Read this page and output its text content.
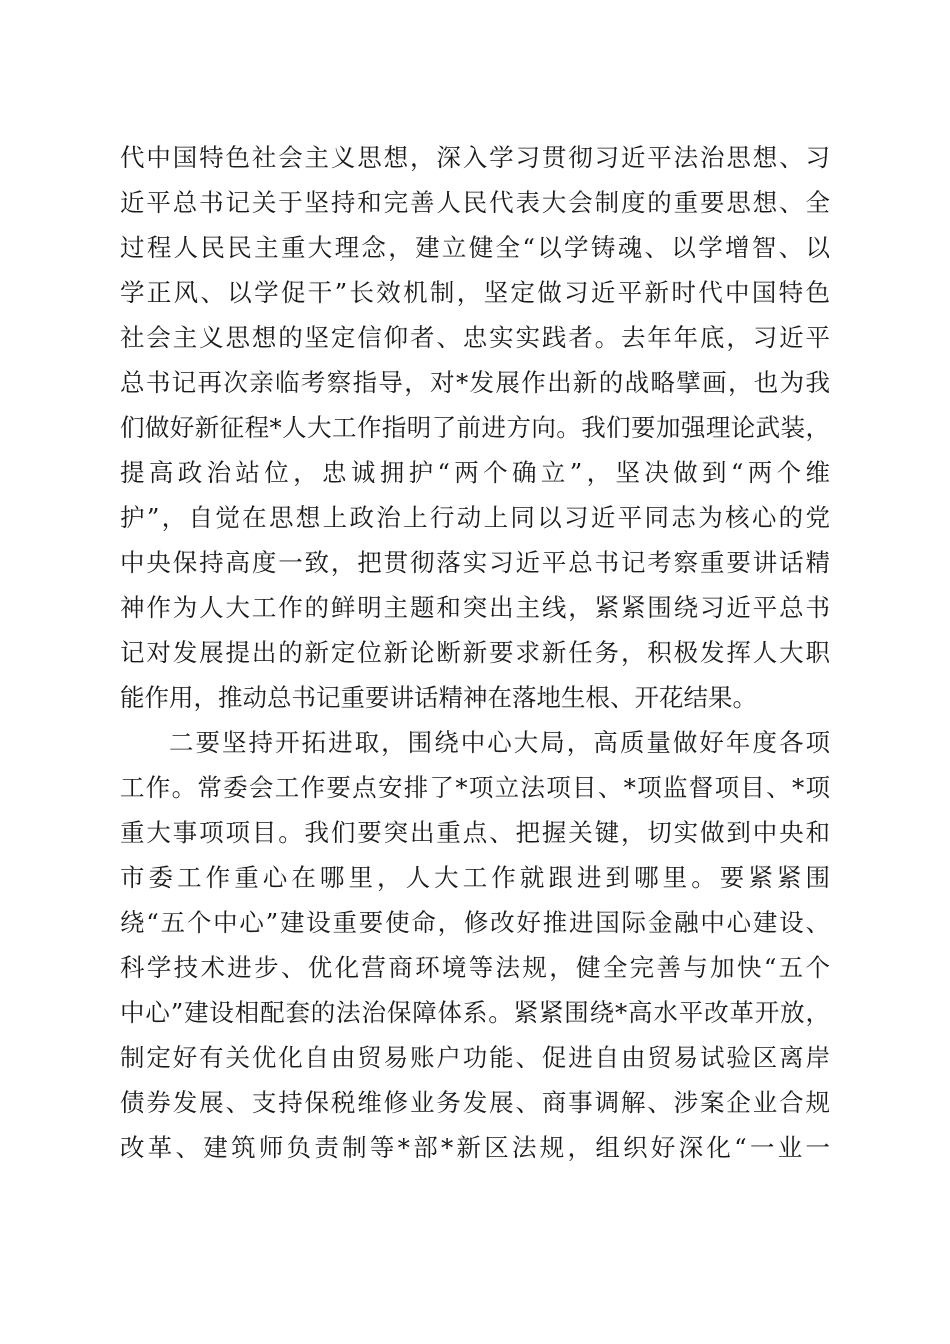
代中国特色社会主义思想，深入学习贯彻习近平法治思想、习
近平总书记关于坚持和完善人民代表大会制度的重要思想、全
过程人民民主重大理念，建立健全“以学铸魂、以学增智、以
学正风、以学促干”长效机制，坚定做习近平新时代中国特色
社会主义思想的坚定信仰者、忠实实践者。去年年底，习近平
总书记再次亲临考察指导，对*发展作出新的战略擘画，也为我
们做好新征程*人大工作指明了前进方向。我们要加强理论武装，
提高政治站位，忠诚拥护“两个确立”，坚决做到“两个维
护”，自觉在思想上政治上行动上同以习近平同志为核心的党
中央保持高度一致，把贯彻落实习近平总书记考察重要讲话精
神作为人大工作的鲜明主题和突出主线，紧紧围绕习近平总书
记对发展提出的新定位新论断新要求新任务，积极发挥人大职
能作用，推动总书记重要讲话精神在落地生根、开花结果。
二要坚持开拓进取，围绕中心大局，高质量做好年度各项
工作。常委会工作要点安排了*项立法项目、*项监督项目、*项
重大事项项目。我们要突出重点、把握关键，切实做到中央和
市委工作重心在哪里，人大工作就跟进到哪里。要紧紧围
绕“五个中心”建设重要使命，修改好推进国际金融中心建设、
科学技术进步、优化营商环境等法规，健全完善与加快“五个
中心”建设相配套的法治保障体系。紧紧围绕*高水平改革开放，
制定好有关优化自由贸易账户功能、促进自由贸易试验区离岸
债券发展、支持保税维修业务发展、商事调解、涉案企业合规
改革、建筑师负责制等*部*新区法规，组织好深化“一业一
